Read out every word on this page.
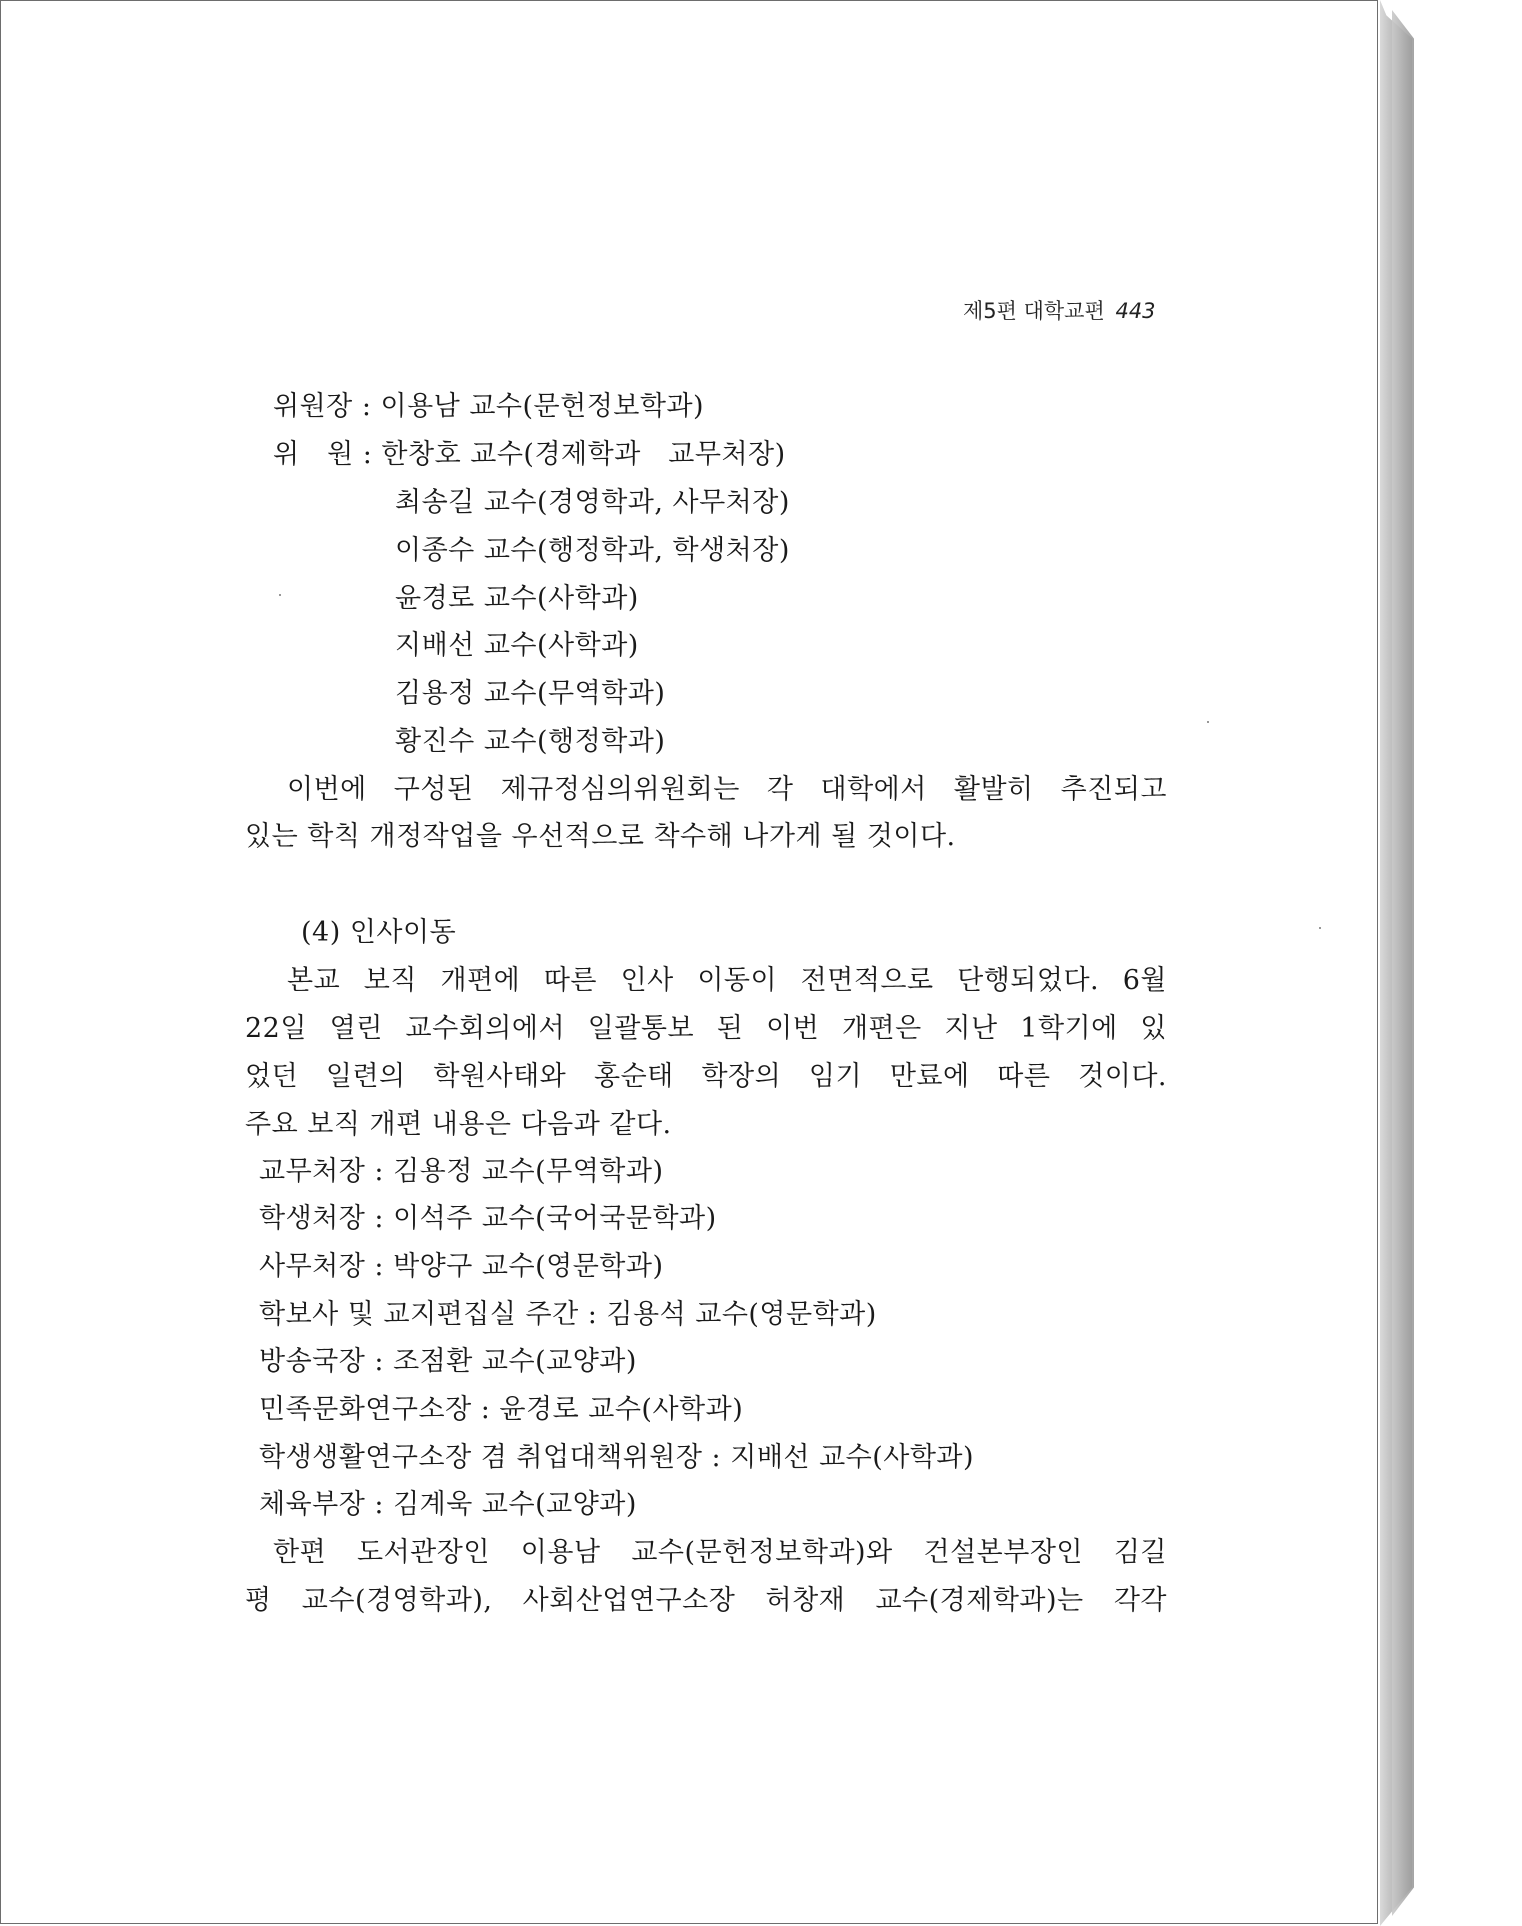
제5편 대학교편 443
위원장 : 이용남 교수(문헌정보학과)
위　원 : 한창호 교수(경제학과　교무처장)
최송길 교수(경영학과, 사무처장)
이종수 교수(행정학과, 학생처장)
윤경로 교수(사학과)
지배선 교수(사학과)
김용정 교수(무역학과)
황진수 교수(행정학과)
이번에 구성된 제규정심의위원회는 각 대학에서 활발히 추진되고
있는 학칙 개정작업을 우선적으로 착수해 나가게 될 것이다.
(4) 인사이동
본교 보직 개편에 따른 인사 이동이 전면적으로 단행되었다. 6월
22일 열린 교수회의에서 일괄통보 된 이번 개편은 지난 1학기에 있
었던 일련의 학원사태와 홍순태 학장의 임기 만료에 따른 것이다.
주요 보직 개편 내용은 다음과 같다.
교무처장 : 김용정 교수(무역학과)
학생처장 : 이석주 교수(국어국문학과)
사무처장 : 박양구 교수(영문학과)
학보사 및 교지편집실 주간 : 김용석 교수(영문학과)
방송국장 : 조점환 교수(교양과)
민족문화연구소장 : 윤경로 교수(사학과)
학생생활연구소장 겸 취업대책위원장 : 지배선 교수(사학과)
체육부장 : 김계욱 교수(교양과)
한편 도서관장인 이용남 교수(문헌정보학과)와 건설본부장인 김길
평 교수(경영학과), 사회산업연구소장 허창재 교수(경제학과)는 각각
